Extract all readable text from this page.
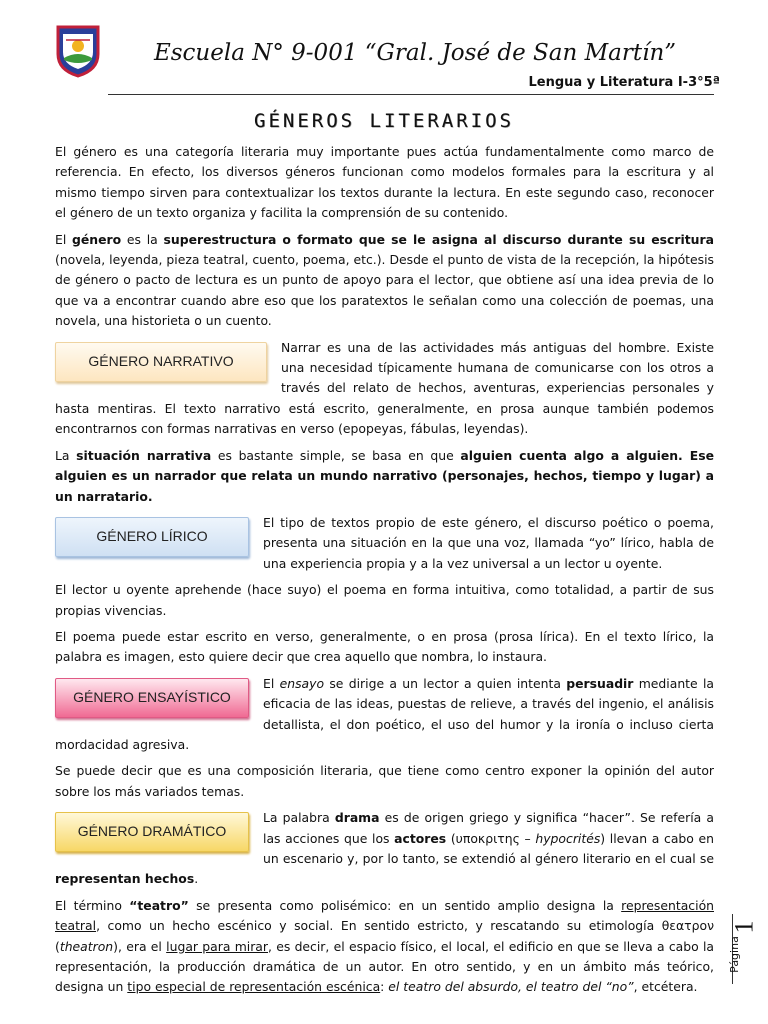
Escuela N° 9-001 “Gral. José de San Martín”
Lengua y Literatura I-3°5ª
GÉNEROS LITERARIOS

El género es una categoría literaria muy importante pues actúa fundamentalmente como marco de referencia. En efecto, los diversos géneros funcionan como modelos formales para la escritura y al mismo tiempo sirven para contextualizar los textos durante la lectura. En este segundo caso, reconocer el género de un texto organiza y facilita la comprensión de su contenido.

El género es la superestructura o formato que se le asigna al discurso durante su escritura (novela, leyenda, pieza teatral, cuento, poema, etc.). Desde el punto de vista de la recepción, la hipótesis de género o pacto de lectura es un punto de apoyo para el lector, que obtiene así una idea previa de lo que va a encontrar cuando abre eso que los paratextos le señalan como una colección de poemas, una novela, una historieta o un cuento.

GÉNERO NARRATIVO

Narrar es una de las actividades más antiguas del hombre. Existe una necesidad típicamente humana de comunicarse con los otros a través del relato de hechos, aventuras, experiencias personales y hasta mentiras. El texto narrativo está escrito, generalmente, en prosa aunque también podemos encontrarnos con formas narrativas en verso (epopeyas, fábulas, leyendas).

La situación narrativa es bastante simple, se basa en que alguien cuenta algo a alguien. Ese alguien es un narrador que relata un mundo narrativo (personajes, hechos, tiempo y lugar) a un narratario.

GÉNERO LÍRICO

El tipo de textos propio de este género, el discurso poético o poema, presenta una situación en la que una voz, llamada “yo” lírico, habla de una experiencia propia y a la vez universal a un lector u oyente.

El lector u oyente aprehende (hace suyo) el poema en forma intuitiva, como totalidad, a partir de sus propias vivencias.

El poema puede estar escrito en verso, generalmente, o en prosa (prosa lírica). En el texto lírico, la palabra es imagen, esto quiere decir que crea aquello que nombra, lo instaura.

GÉNERO ENSAYÍSTICO

El ensayo se dirige a un lector a quien intenta persuadir mediante la eficacia de las ideas, puestas de relieve, a través del ingenio, el análisis detallista, el don poético, el uso del humor y la ironía o incluso cierta mordacidad agresiva.

Se puede decir que es una composición literaria, que tiene como centro exponer la opinión del autor sobre los más variados temas.

GÉNERO DRAMÁTICO

La palabra drama es de origen griego y significa “hacer”. Se refería a las acciones que los actores (υποκριτης – hypocrités) llevan a cabo en un escenario y, por lo tanto, se extendió al género literario en el cual se representan hechos.

El término “teatro” se presenta como polisémico: en un sentido amplio designa la representación teatral, como un hecho escénico y social. En sentido estricto, y rescatando su etimología θεατρον (theatron), era el lugar para mirar, es decir, el espacio físico, el local, el edificio en que se lleva a cabo la representación, la producción dramática de un autor. En otro sentido, y en un ámbito más teórico, designa un tipo especial de representación escénica: el teatro del absurdo, el teatro del “no”, etcétera.

Página
1
